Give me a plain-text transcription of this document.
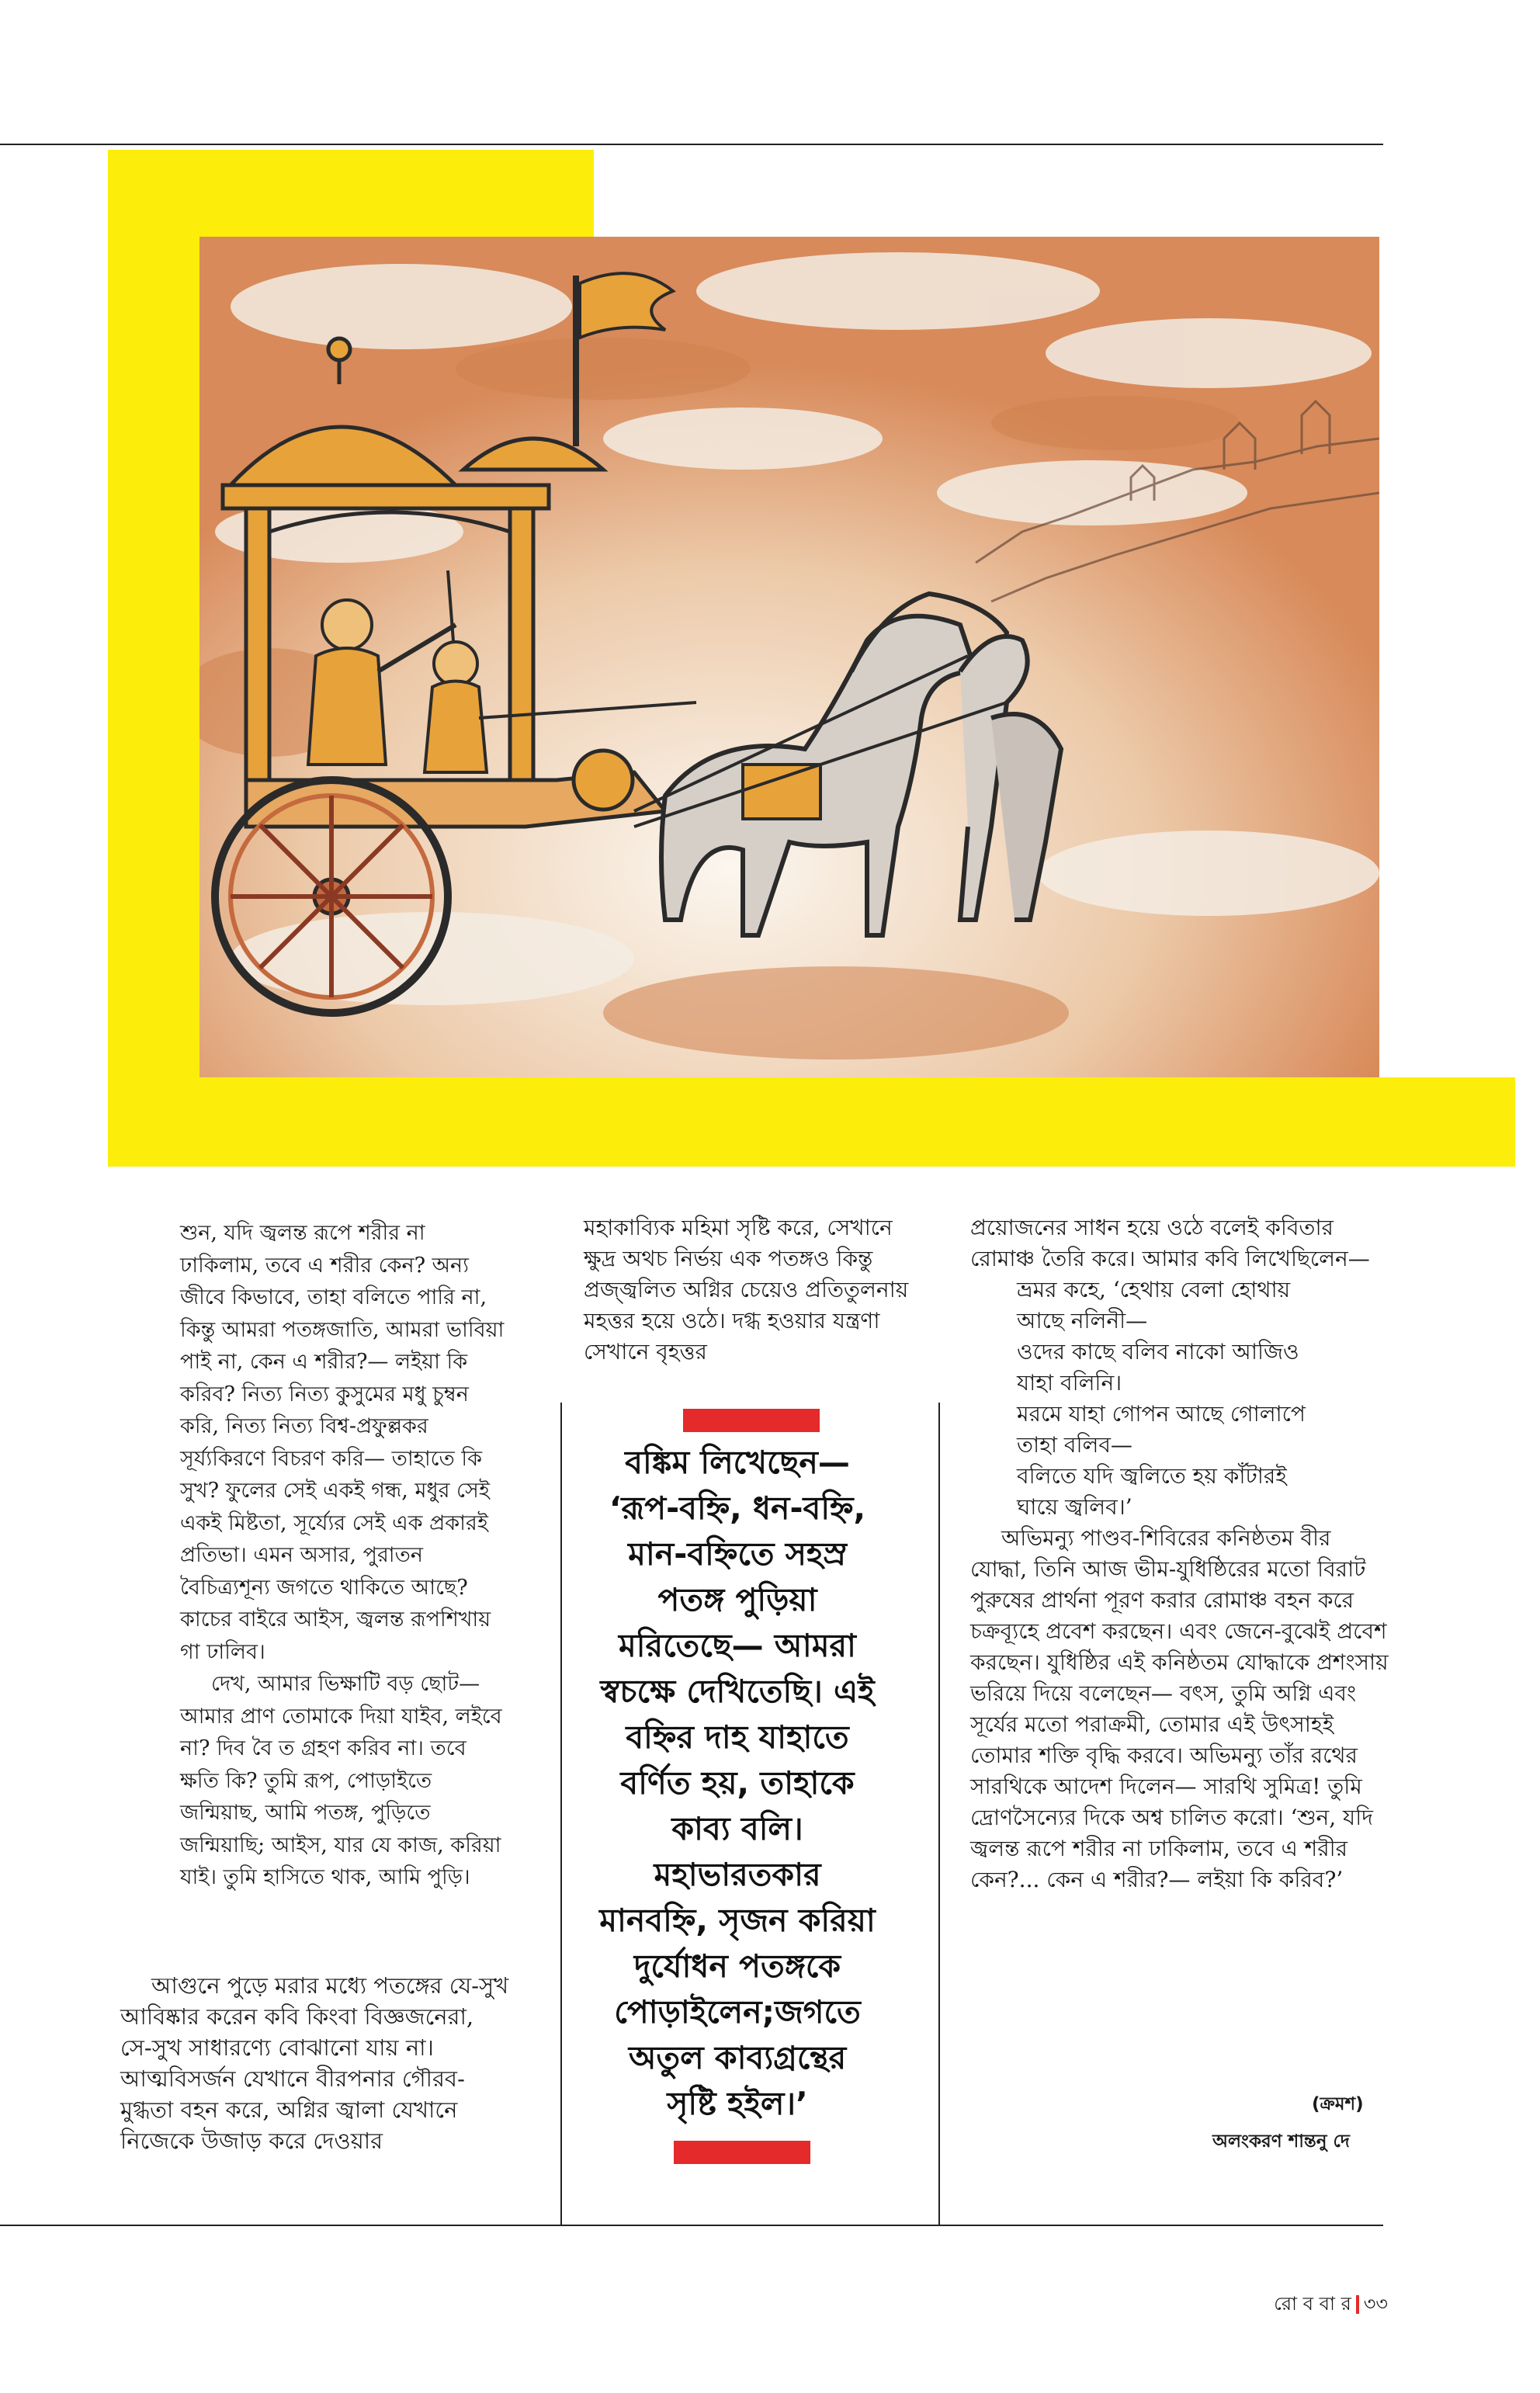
শুন, যদি জ্বলন্ত রূপে শরীর না ঢাকিলাম, তবে এ শরীর কেন? অন্য জীবে কিভাবে, তাহা বলিতে পারি না, কিন্তু আমরা পতঙ্গজাতি, আমরা ভাবিয়া পাই না, কেন এ শরীর?— লইয়া কি করিব? নিত্য নিত্য কুসুমের মধু চুম্বন করি, নিত্য নিত্য বিশ্ব-প্রফুল্লকর সূর্য্যকিরণে বিচরণ করি— তাহাতে কি সুখ? ফুলের সেই একই গন্ধ, মধুর সেই একই মিষ্টতা, সূর্য্যের সেই এক প্রকারই প্রতিভা। এমন অসার, পুরাতন বৈচিত্র্যশূন্য জগতে থাকিতে আছে? কাচের বাইরে আইস, জ্বলন্ত রূপশিখায় গা ঢালিব।

দেখ, আমার ভিক্ষাটি বড় ছোট— আমার প্রাণ তোমাকে দিয়া যাইব, লইবে না? দিব বৈ ত গ্রহণ করিব না। তবে ক্ষতি কি? তুমি রূপ, পোড়াইতে জন্মিয়াছ, আমি পতঙ্গ, পুড়িতে জন্মিয়াছি; আইস, যার যে কাজ, করিয়া যাই। তুমি হাসিতে থাক, আমি পুড়ি।

আগুনে পুড়ে মরার মধ্যে পতঙ্গের যে-সুখ আবিষ্কার করেন কবি কিংবা বিজ্ঞজনেরা, সে-সুখ সাধারণ্যে বোঝানো যায় না। আত্মবিসর্জন যেখানে বীরপনার গৌরব-মুগ্ধতা বহন করে, অগ্নির জ্বালা যেখানে নিজেকে উজাড় করে দেওয়ার

মহাকাব্যিক মহিমা সৃষ্টি করে, সেখানে ক্ষুদ্র অথচ নির্ভয় এক পতঙ্গও কিন্তু প্রজ্জ্বলিত অগ্নির চেয়েও প্রতিতুলনায় মহত্তর হয়ে ওঠে। দগ্ধ হওয়ার যন্ত্রণা সেখানে বৃহত্তর

বঙ্কিম লিখেছেন—

‘রূপ-বহ্নি, ধন-বহ্নি,

মান-বহ্নিতে সহস্র

পতঙ্গ পুড়িয়া

মরিতেছে— আমরা

স্বচক্ষে দেখিতেছি। এই

বহ্নির দাহ যাহাতে

বর্ণিত হয়, তাহাকে

কাব্য বলি।

মহাভারতকার

মানবহ্নি, সৃজন করিয়া

দুর্যোধন পতঙ্গকে

পোড়াইলেন;জগতে

অতুল কাব্যগ্রন্থের

সৃষ্টি হইল।’

প্রয়োজনের সাধন হয়ে ওঠে বলেই কবিতার রোমাঞ্চ তৈরি করে। আমার কবি লিখেছিলেন—

ভ্রমর কহে, ‘হেথায় বেলা হোথায়

আছে নলিনী—

ওদের কাছে বলিব নাকো আজিও

যাহা বলিনি।

মরমে যাহা গোপন আছে গোলাপে

তাহা বলিব—

বলিতে যদি জ্বলিতে হয় কাঁটারই

ঘায়ে জ্বলিব।’

অভিমন্যু পাণ্ডব-শিবিরের কনিষ্ঠতম বীর যোদ্ধা, তিনি আজ ভীম-যুধিষ্ঠিরের মতো বিরাট পুরুষের প্রার্থনা পূরণ করার রোমাঞ্চ বহন করে চক্রব্যূহে প্রবেশ করছেন। এবং জেনে-বুঝেই প্রবেশ করছেন। যুধিষ্ঠির এই কনিষ্ঠতম যোদ্ধাকে প্রশংসায় ভরিয়ে দিয়ে বলেছেন— বৎস, তুমি অগ্নি এবং সূর্যের মতো পরাক্রমী, তোমার এই উৎসাহই তোমার শক্তি বৃদ্ধি করবে। অভিমন্যু তাঁর রথের সারথিকে আদেশ দিলেন— সারথি সুমিত্র! তুমি দ্রোণসৈন্যের দিকে অশ্ব চালিত করো। ‘শুন, যদি জ্বলন্ত রূপে শরীর না ঢাকিলাম, তবে এ শরীর কেন?... কেন এ শরীর?— লইয়া কি করিব?’

(ক্রমশ)
অলংকরণ শান্তনু দে
রো ব বা র ৩৩
